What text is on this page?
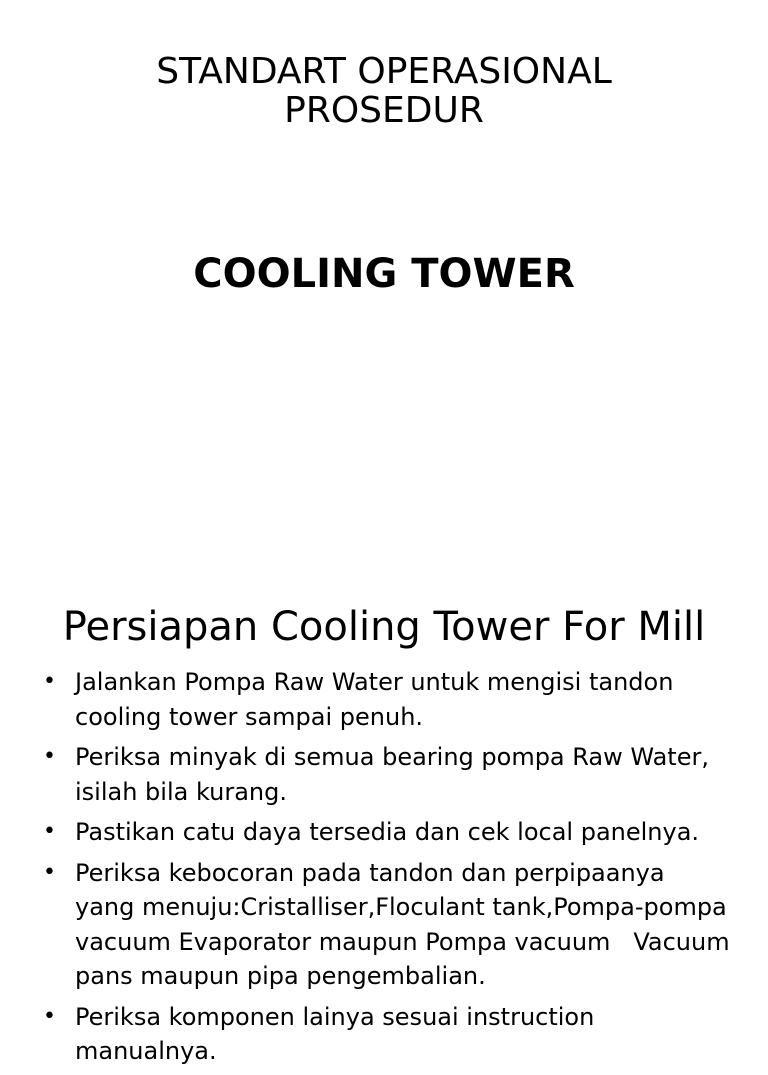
STANDART OPERASIONAL
PROSEDUR
COOLING TOWER
Persiapan Cooling Tower For Mill
• Jalankan Pompa Raw Water untuk mengisi tandon cooling tower sampai penuh.
• Periksa minyak di semua bearing pompa Raw Water, isilah bila kurang.
• Pastikan catu daya tersedia dan cek local panelnya.
• Periksa kebocoran pada tandon dan perpipaanya yang menuju:Cristalliser,Floculant tank,Pompa-pompa vacuum Evaporator maupun Pompa vacuum   Vacuum pans maupun pipa pengembalian.
• Periksa komponen lainya sesuai instruction manualnya.
